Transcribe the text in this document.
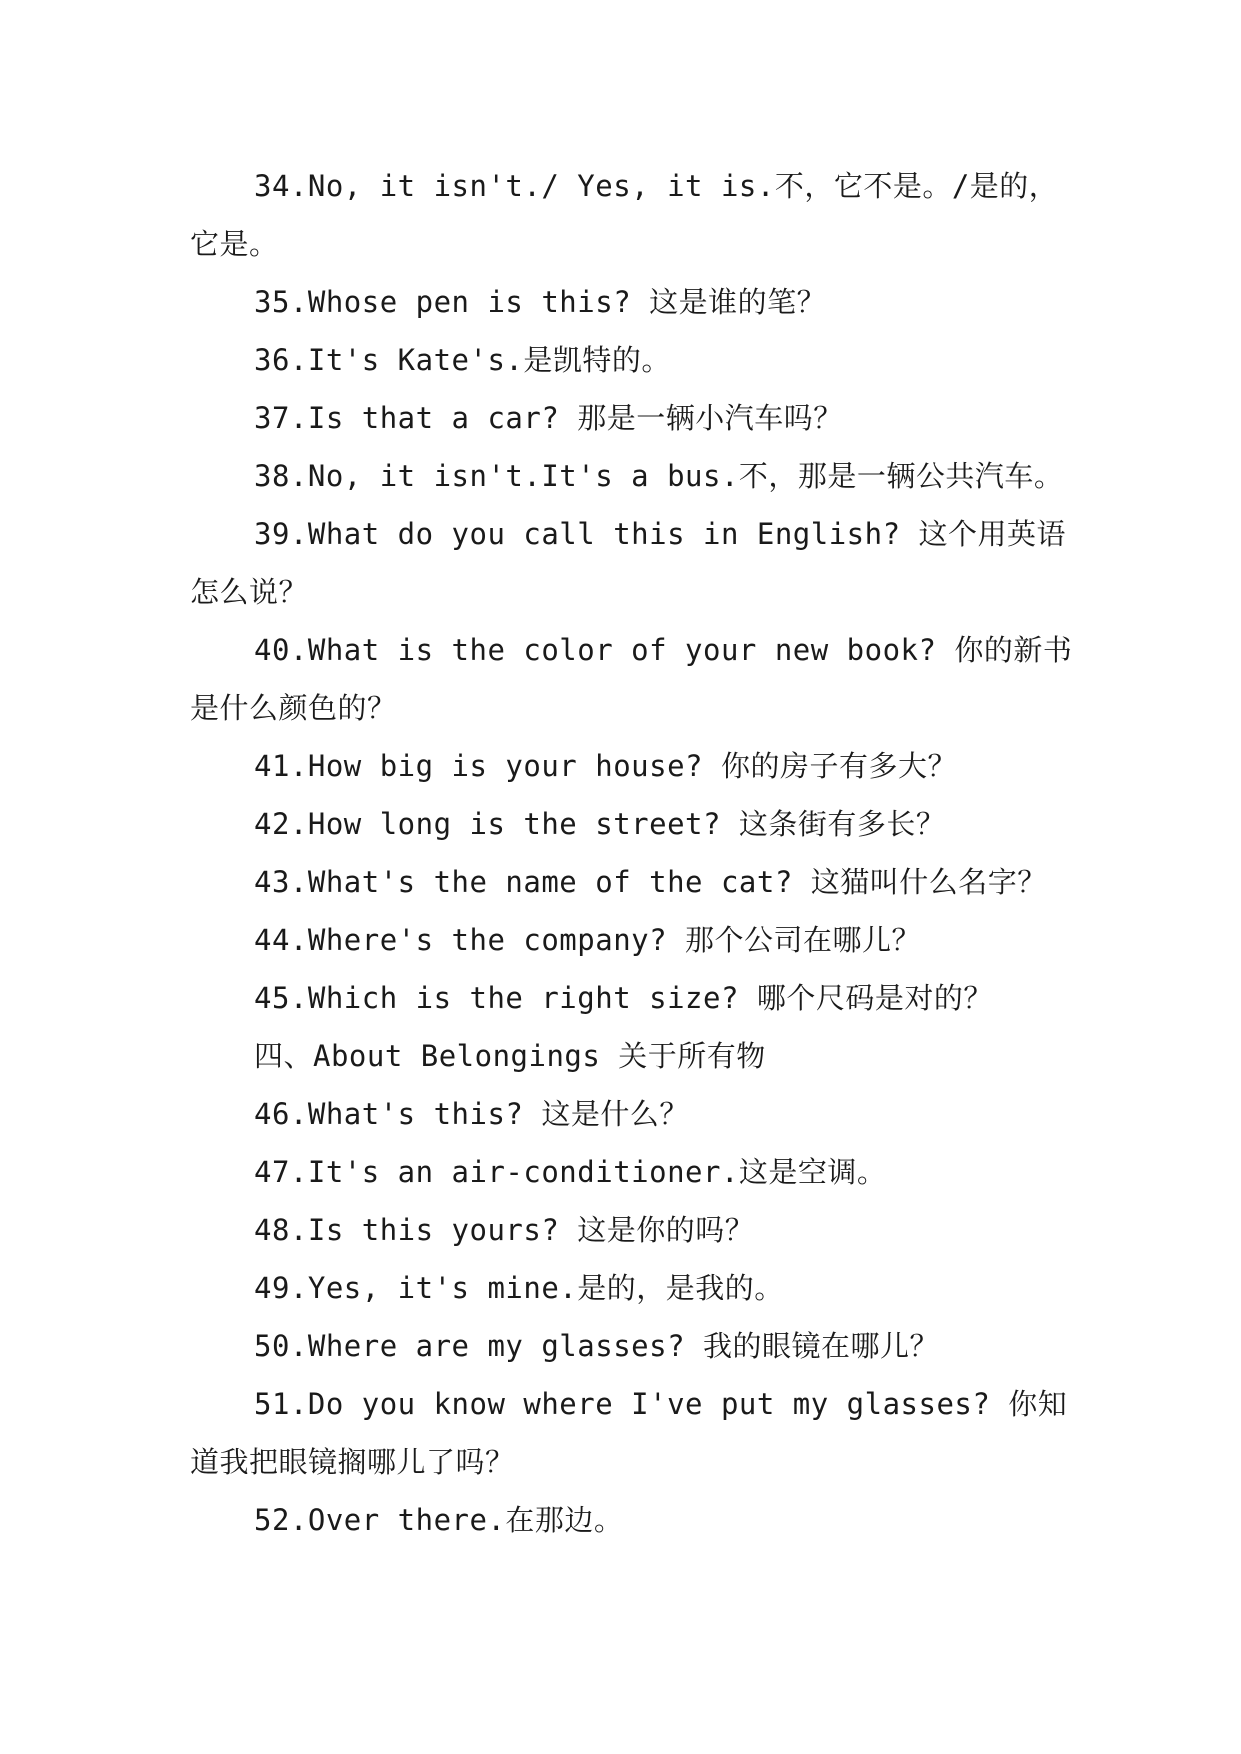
34.No, it isn't./ Yes, it is.不，它不是。/是的，
它是。
35.Whose pen is this? 这是谁的笔？
36.It's Kate's.是凯特的。
37.Is that a car? 那是一辆小汽车吗？
38.No, it isn't.It's a bus.不，那是一辆公共汽车。
39.What do you call this in English? 这个用英语
怎么说？
40.What is the color of your new book? 你的新书
是什么颜色的？
41.How big is your house? 你的房子有多大？
42.How long is the street? 这条街有多长？
43.What's the name of the cat? 这猫叫什么名字？
44.Where's the company? 那个公司在哪儿？
45.Which is the right size? 哪个尺码是对的？
四、About Belongings 关于所有物
46.What's this? 这是什么？
47.It's an air-conditioner.这是空调。
48.Is this yours? 这是你的吗？
49.Yes, it's mine.是的，是我的。
50.Where are my glasses? 我的眼镜在哪儿？
51.Do you know where I've put my glasses? 你知
道我把眼镜搁哪儿了吗？
52.Over there.在那边。
